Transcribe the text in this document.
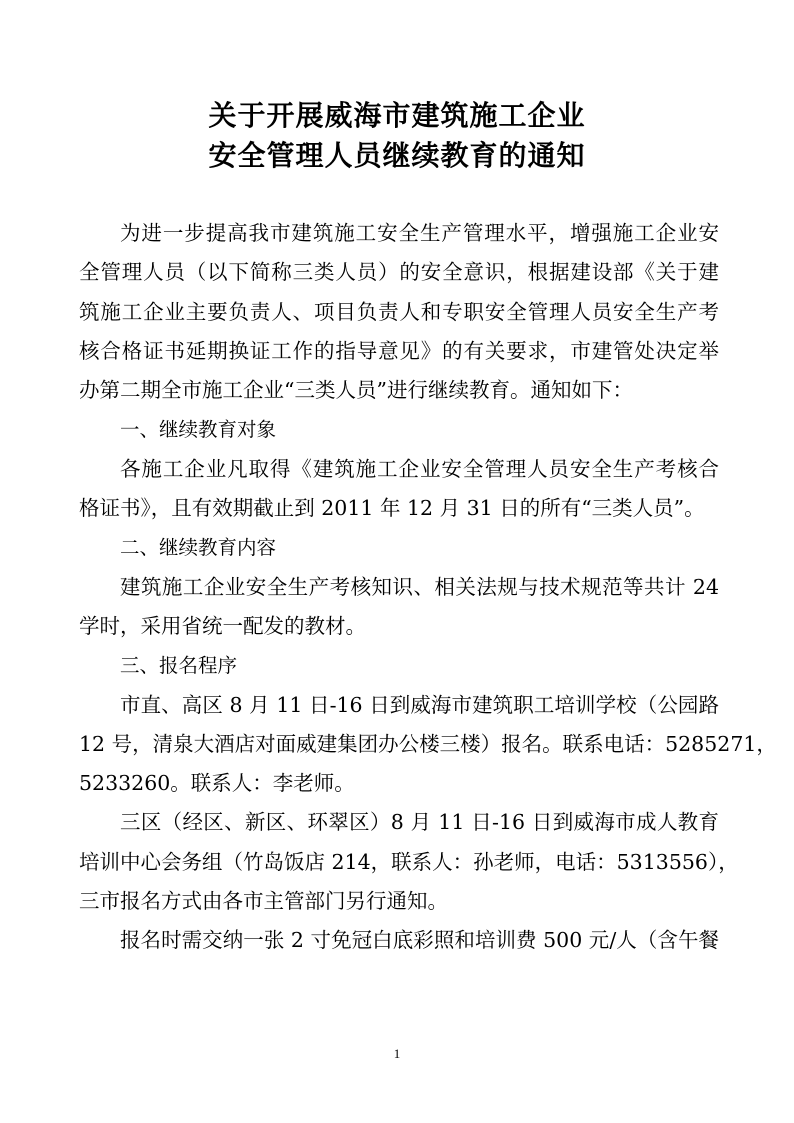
关于开展威海市建筑施工企业
安全管理人员继续教育的通知
为进一步提高我市建筑施工安全生产管理水平，增强施工企业安
全管理人员（以下简称三类人员）的安全意识，根据建设部《关于建
筑施工企业主要负责人、项目负责人和专职安全管理人员安全生产考
核合格证书延期换证工作的指导意见》的有关要求，市建管处决定举
办第二期全市施工企业“三类人员”进行继续教育。通知如下：
一、继续教育对象
各施工企业凡取得《建筑施工企业安全管理人员安全生产考核合
格证书》，且有效期截止到 2011 年 12 月 31 日的所有“三类人员”。
二、继续教育内容
建筑施工企业安全生产考核知识、相关法规与技术规范等共计 24
学时，采用省统一配发的教材。
三、报名程序
市直、高区 8 月 11 日-16 日到威海市建筑职工培训学校（公园路
12 号，清泉大酒店对面威建集团办公楼三楼）报名。联系电话：5285271，
5233260。联系人：李老师。
三区（经区、新区、环翠区）8 月 11 日-16 日到威海市成人教育
培训中心会务组（竹岛饭店 214，联系人：孙老师，电话：5313556），
三市报名方式由各市主管部门另行通知。
报名时需交纳一张 2 寸免冠白底彩照和培训费 500 元/人（含午餐
1
